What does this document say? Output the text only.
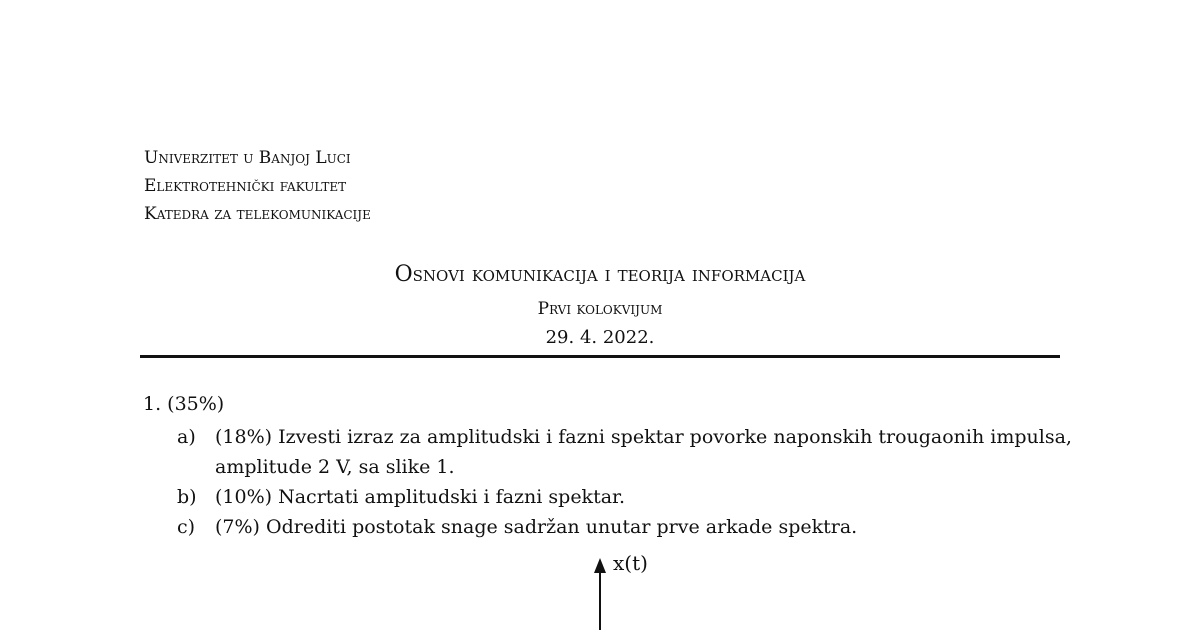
Univerzitet u Banjoj Luci
Elektrotehnički fakultet
Katedra za telekomunikacije
Osnovi komunikacija i teorija informacija
Prvi kolokvijum
29. 4. 2022.
1. (35%)
a) (18%) Izvesti izraz za amplitudski i fazni spektar povorke naponskih trougaonih impulsa, amplitude 2 V, sa slike 1.
b) (10%) Nacrtati amplitudski i fazni spektar.
c) (7%) Odrediti postotak snage sadržan unutar prve arkade spektra.
x(t)
